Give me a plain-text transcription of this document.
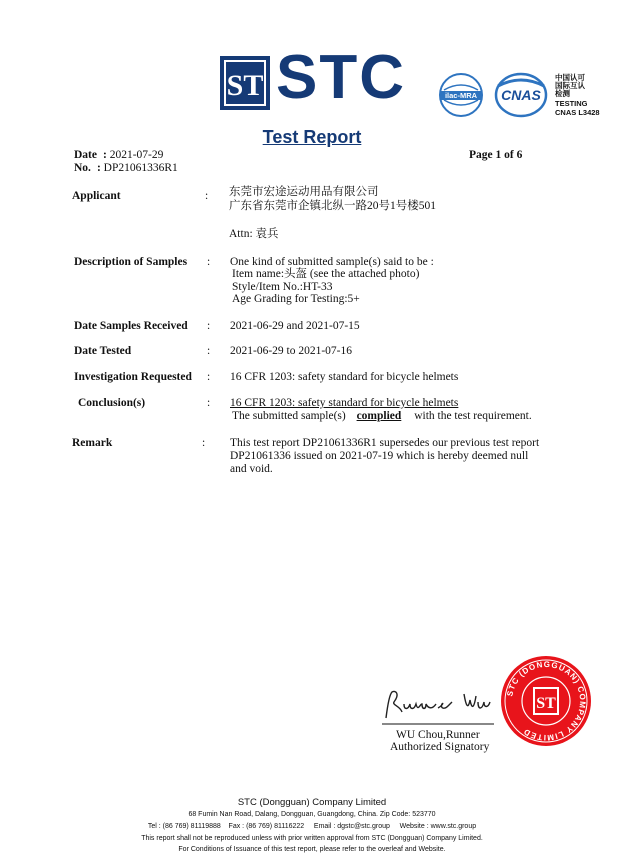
ST STC	ilac-MRA	CNAS
中国认可
国际互认
检测
TESTING
CNAS L3428
Test Report
Date : 2021-07-29
No. : DP21061336R1
Page 1 of 6
Applicant	: 东莞市宏途运动用品有限公司
广东省东莞市企镇北纵一路20号1号楼501
Attn: 袁兵
Description of Samples : One kind of submitted sample(s) said to be :
Item name:头盔 (see the attached photo)
Style/Item No.:HT-33
Age Grading for Testing:5+
Date Samples Received : 2021-06-29 and 2021-07-15
Date Tested	: 2021-06-29 to 2021-07-16
Investigation Requested : 16 CFR 1203: safety standard for bicycle helmets
Conclusion(s)	: 16 CFR 1203: safety standard for bicycle helmets
The submitted sample(s) complied with the test requirement.
Remark	: This test report DP21061336R1 supersedes our previous test report
DP21061336 issued on 2021-07-19 which is hereby deemed null
and void.
WU Chou,Runner
Authorized Signatory
STC (DONGGUAN) COMPANY LIMITED
ST
STC (Dongguan) Company Limited
68 Fumin Nan Road, Dalang, Dongguan, Guangdong, China. Zip Code: 523770
Tel : (86 769) 81119888    Fax : (86 769) 81116222     Email : dgstc@stc.group     Website : www.stc.group
This report shall not be reproduced unless with prior written approval from STC (Dongguan) Company Limited.
For Conditions of Issuance of this test report, please refer to the overleaf and Website.
